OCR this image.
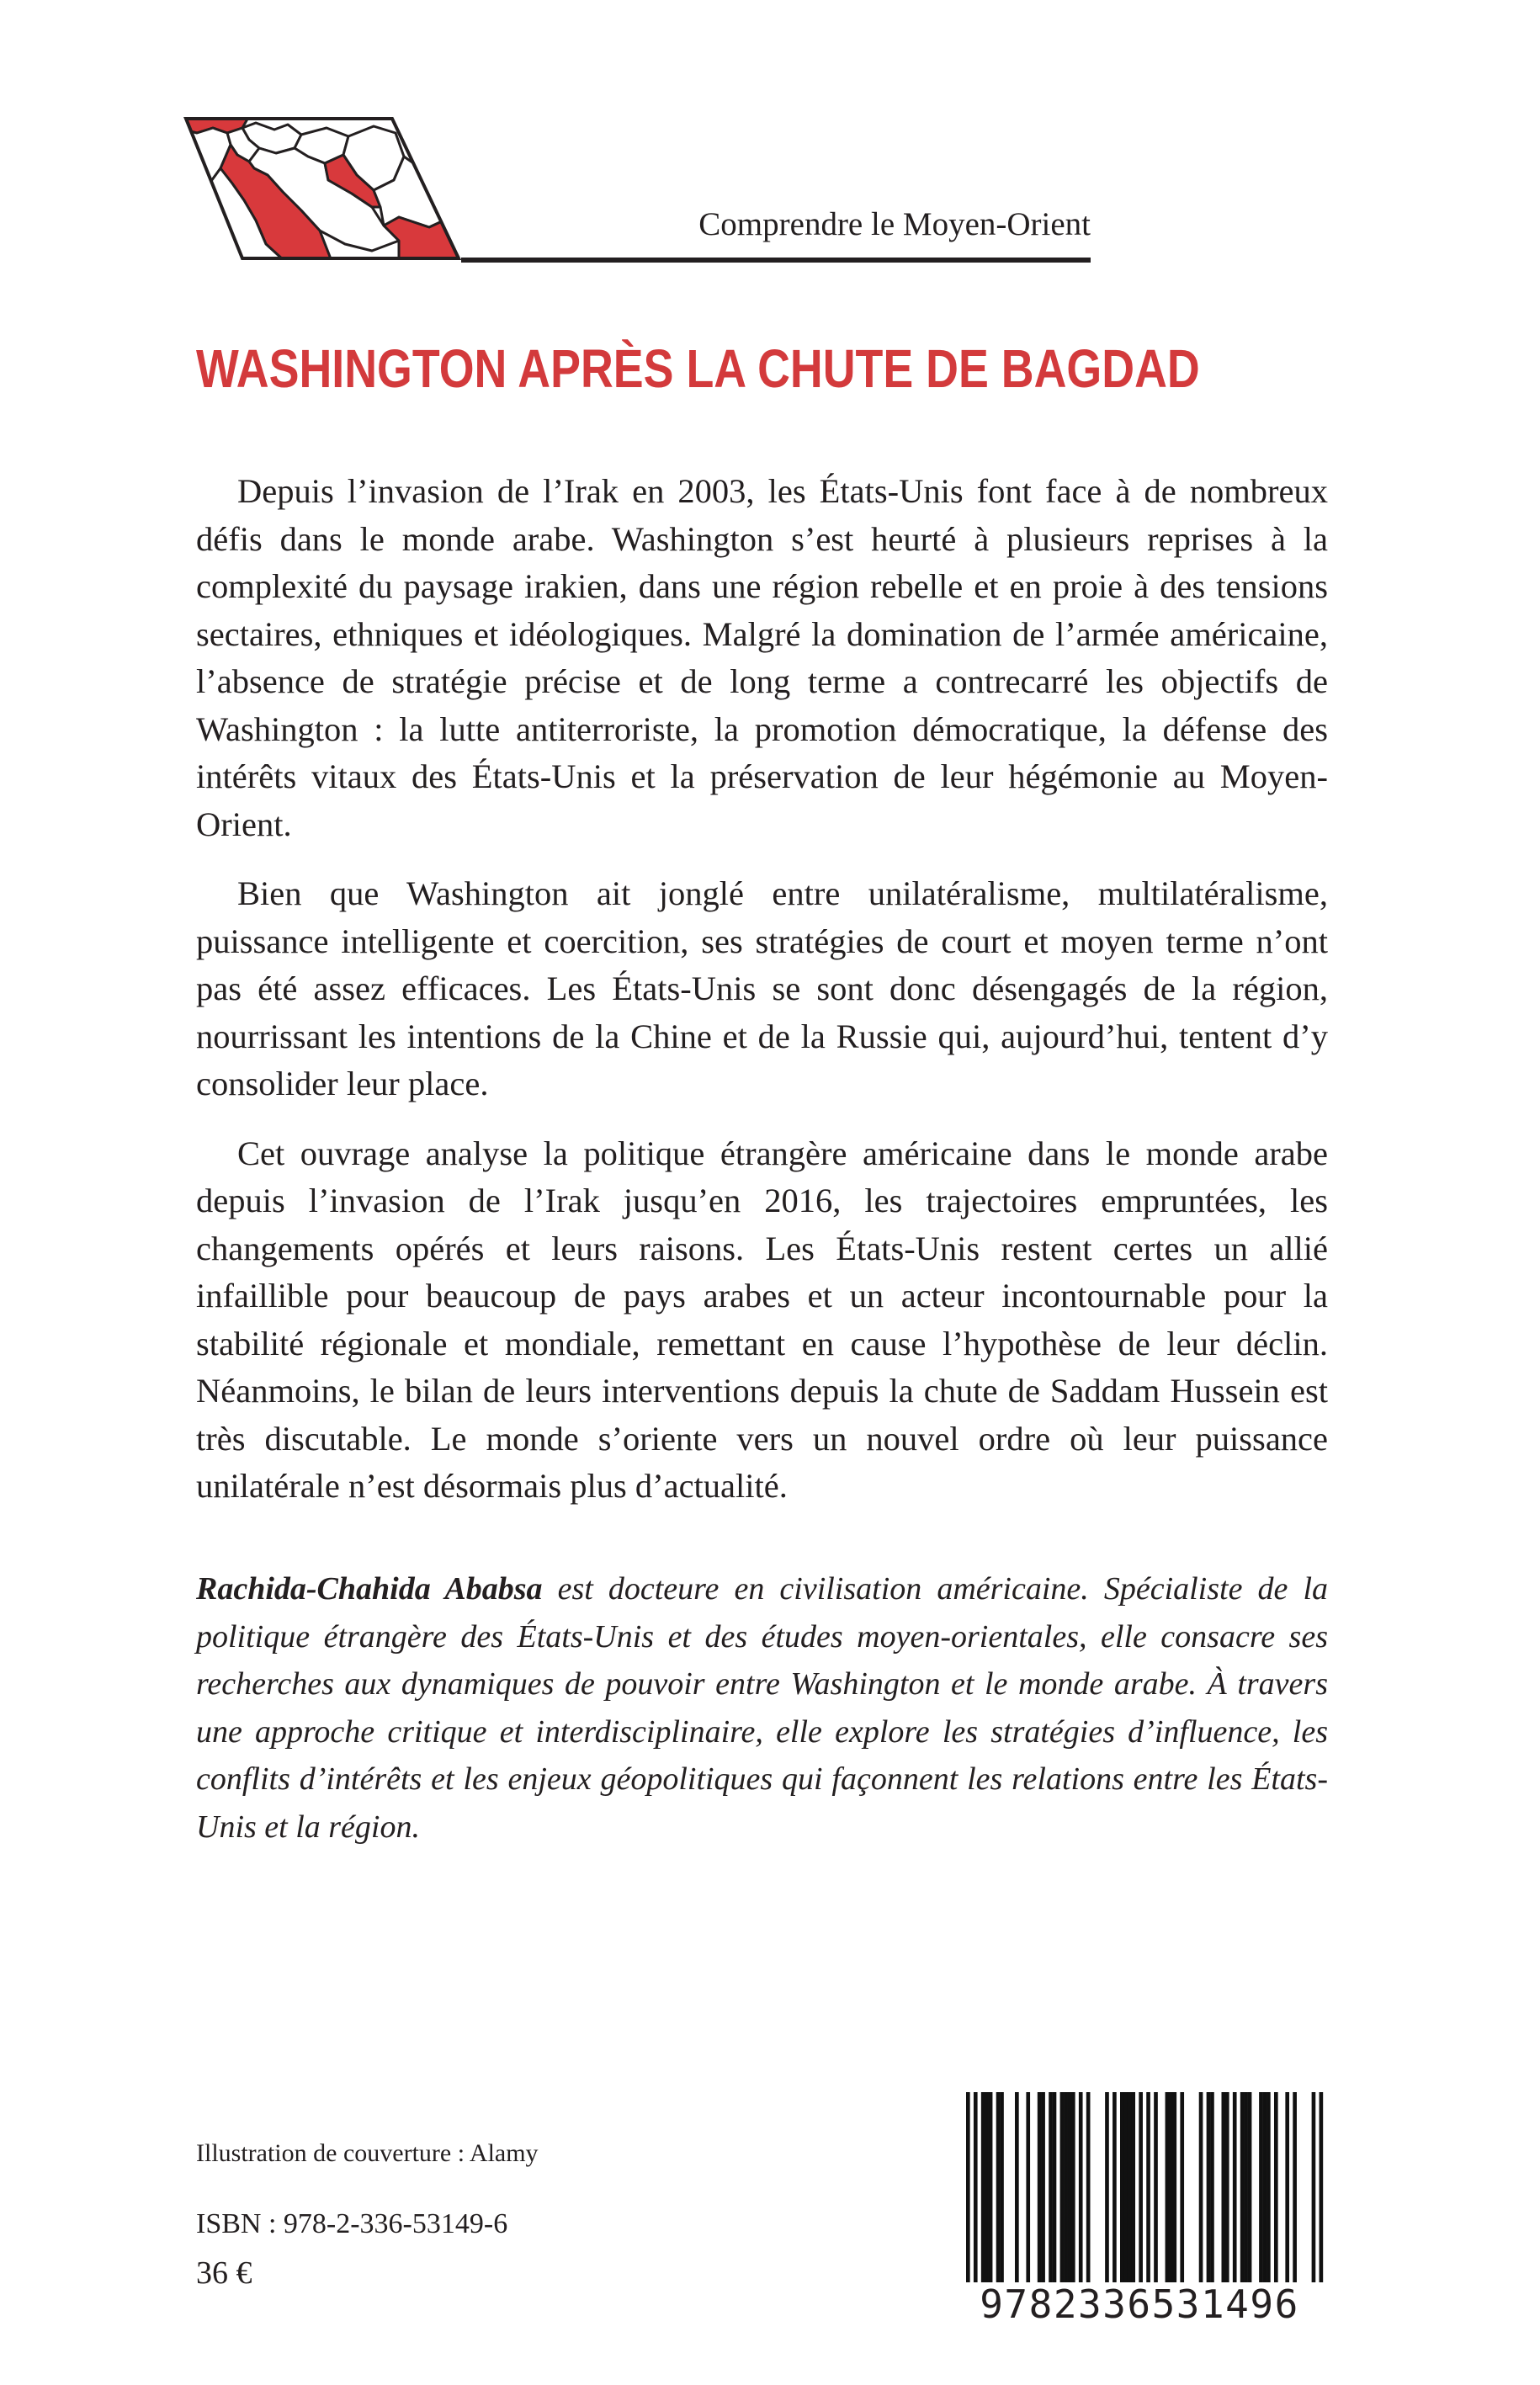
Comprendre le Moyen-Orient
WASHINGTON APRÈS LA CHUTE DE BAGDAD

Depuis l’invasion de l’Irak en 2003, les États-Unis font face à de nombreux défis dans le monde arabe. Washington s’est heurté à plusieurs reprises à la complexité du paysage irakien, dans une région rebelle et en proie à des tensions sectaires, ethniques et idéologiques. Malgré la domination de l’armée américaine, l’absence de stratégie précise et de long terme a contrecarré les objectifs de Washington : la lutte antiterroriste, la promotion démocratique, la défense des intérêts vitaux des États-Unis et la préservation de leur hégémonie au Moyen-Orient.

Bien que Washington ait jonglé entre unilatéralisme, multilatéralisme, puissance intelligente et coercition, ses stratégies de court et moyen terme n’ont pas été assez efficaces. Les États-Unis se sont donc désengagés de la région, nourrissant les intentions de la Chine et de la Russie qui, aujourd’hui, tentent d’y consolider leur place.

Cet ouvrage analyse la politique étrangère américaine dans le monde arabe depuis l’invasion de l’Irak jusqu’en 2016, les trajectoires empruntées, les changements opérés et leurs raisons. Les États-Unis restent certes un allié infaillible pour beaucoup de pays arabes et un acteur incontournable pour la stabilité régionale et mondiale, remettant en cause l’hypothèse de leur déclin. Néanmoins, le bilan de leurs interventions depuis la chute de Saddam Hussein est très discutable. Le monde s’oriente vers un nouvel ordre où leur puissance unilatérale n’est désormais plus d’actualité.

Rachida-Chahida Ababsa est docteure en civilisation américaine. Spécialiste de la politique étrangère des États-Unis et des études moyen-orientales, elle consacre ses recherches aux dynamiques de pouvoir entre Washington et le monde arabe. À travers une approche critique et interdisciplinaire, elle explore les stratégies d’influence, les conflits d’intérêts et les enjeux géopolitiques qui façonnent les relations entre les États-Unis et la région.

Illustration de couverture : Alamy
ISBN : 978-2-336-53149-6
36 €
9782336531496
